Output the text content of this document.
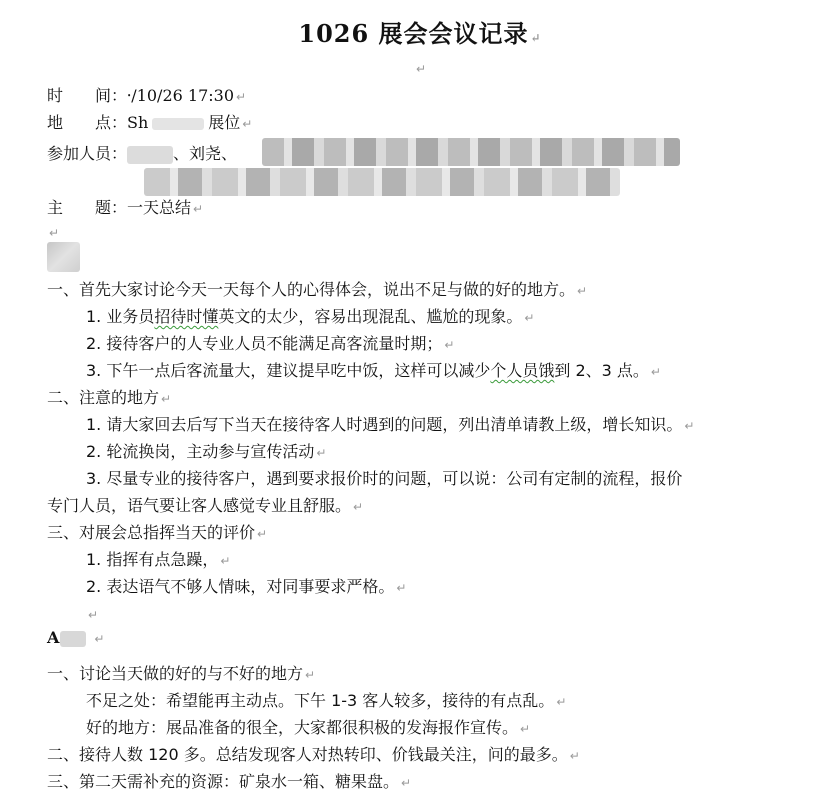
1026 展会会议记录 ↵
↵
时　　间：⸱/10/26 17:30 ↵
地　　点：Sh	展位 ↵
参加人员：	、刘尧、
主　　题：一天总结 ↵
↵
一、首先大家讨论今天一天每个人的心得体会，说出不足与做的好的地方。 ↵
1. 业务员招待时懂英文的太少，容易出现混乱、尴尬的现象。 ↵
2. 接待客户的人专业人员不能满足高客流量时期； ↵
3. 下午一点后客流量大，建议提早吃中饭，这样可以减少个人员饿到 2、3 点。 ↵
二、注意的地方 ↵
1. 请大家回去后写下当天在接待客人时遇到的问题，列出清单请教上级，增长知识。 ↵
2. 轮流换岗，主动参与宣传活动 ↵
3. 尽量专业的接待客户，遇到要求报价时的问题，可以说：公司有定制的流程，报价
专门人员，语气要让客人感觉专业且舒服。 ↵
三、对展会总指挥当天的评价 ↵
1. 指挥有点急躁， ↵
2. 表达语气不够人情味，对同事要求严格。 ↵
↵
A	↵
一、讨论当天做的好的与不好的地方 ↵
不足之处：希望能再主动点。下午 1-3 客人较多，接待的有点乱。 ↵
好的地方：展品准备的很全，大家都很积极的发海报作宣传。 ↵
二、接待人数 120 多。总结发现客人对热转印、价钱最关注，问的最多。 ↵
三、第二天需补充的资源：矿泉水一箱、糖果盘。 ↵
